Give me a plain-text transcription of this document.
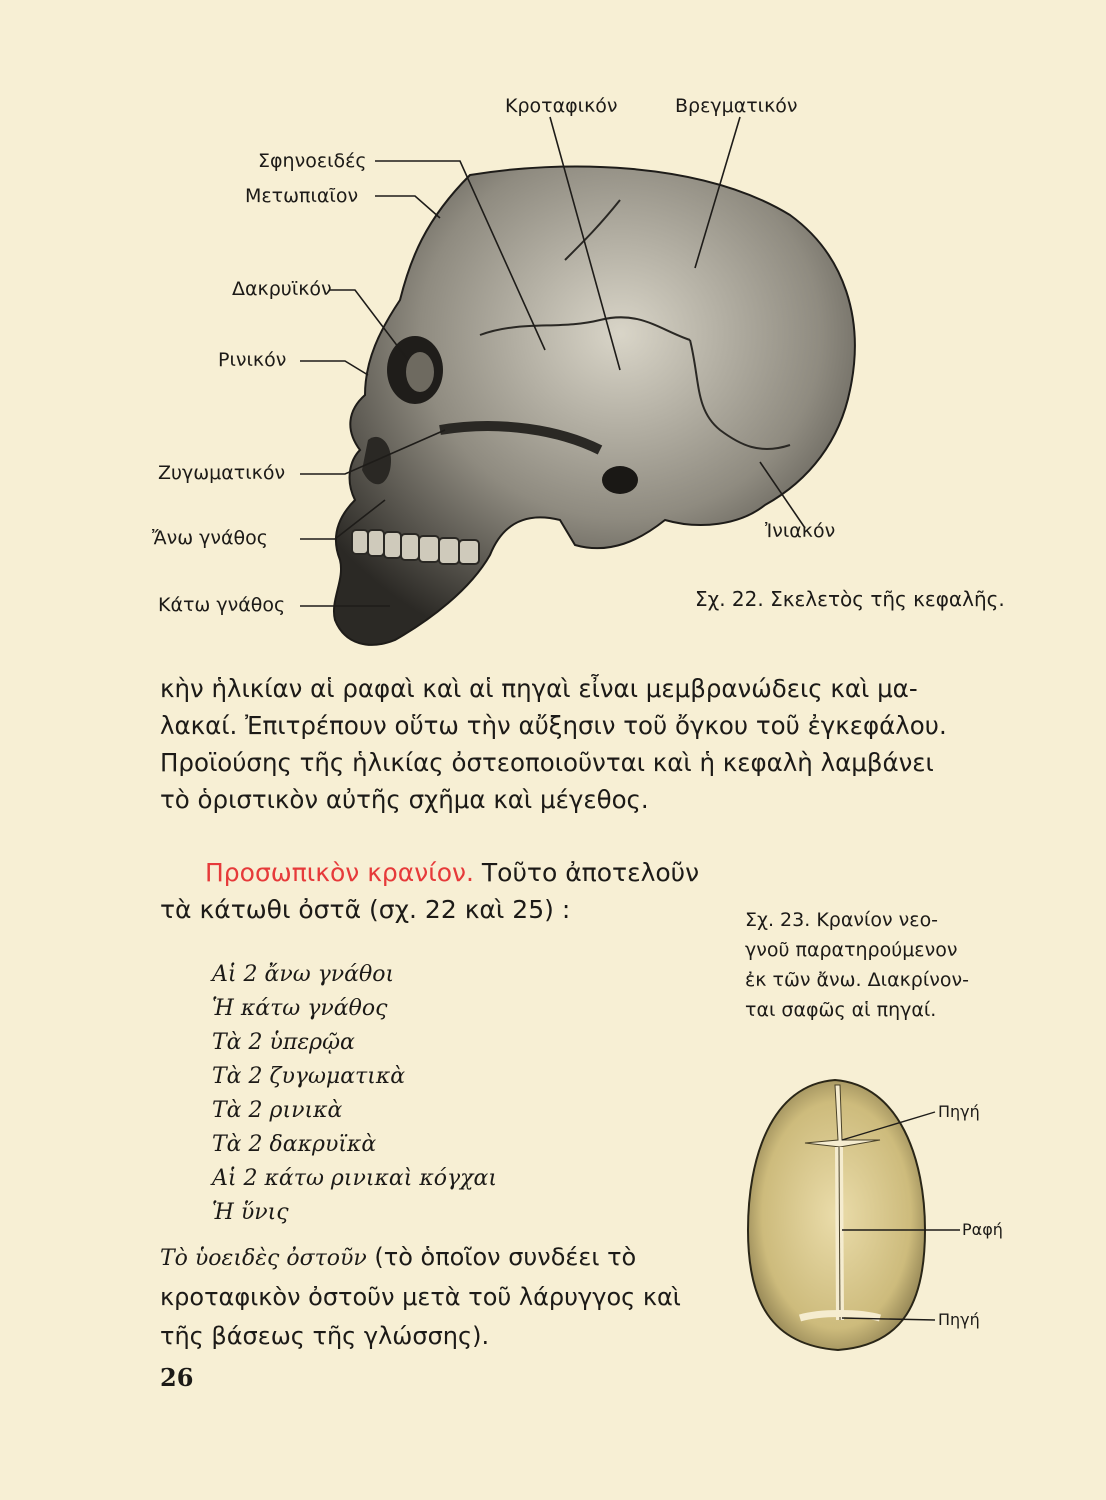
Σφηνοειδές
Μετωπιαῖον
Δακρυϊκόν
Ρινικόν
Ζυγωματικόν
Ἄνω γνάθος
Κάτω γνάθος
Κροταφικόν	Βρεγματικόν
Ἰνιακόν
Σχ. 22. Σκελετὸς τῆς κεφαλῆς.
κὴν ἡλικίαν αἱ ραφαὶ καὶ αἱ πηγαὶ εἶναι μεμβρανώδεις καὶ μα-
λακαί. Ἐπιτρέπουν οὕτω τὴν αὔξησιν τοῦ ὄγκου τοῦ ἐγκεφάλου.
Προϊούσης τῆς ἡλικίας ὀστεοποιοῦνται καὶ ἡ κεφαλὴ λαμβάνει
τὸ ὁριστικὸν αὐτῆς σχῆμα καὶ μέγεθος.
Προσωπικὸν κρανίον. Τοῦτο ἀποτελοῦν
τὰ κάτωθι ὀστᾶ (σχ. 22 καὶ 25) :
Αἱ 2 ἄνω γνάθοι
Ἡ κάτω γνάθος
Τὰ 2 ὑπερῷα
Τὰ 2 ζυγωματικὰ
Τὰ 2 ρινικὰ
Τὰ 2 δακρυϊκὰ
Αἱ 2 κάτω ρινικαὶ κόγχαι
Ἡ ὕνις
Τὸ ὑοειδὲς ὀστοῦν (τὸ ὁποῖον συνδέει τὸ
κροταφικὸν ὀστοῦν μετὰ τοῦ λάρυγγος καὶ
τῆς βάσεως τῆς γλώσσης).
Σχ. 23. Κρανίον νεο-
γνοῦ παρατηρούμενον
ἐκ τῶν ἄνω. Διακρίνον-
ται σαφῶς αἱ πηγαί.
Πηγή
Ραφή
Πηγή
26
